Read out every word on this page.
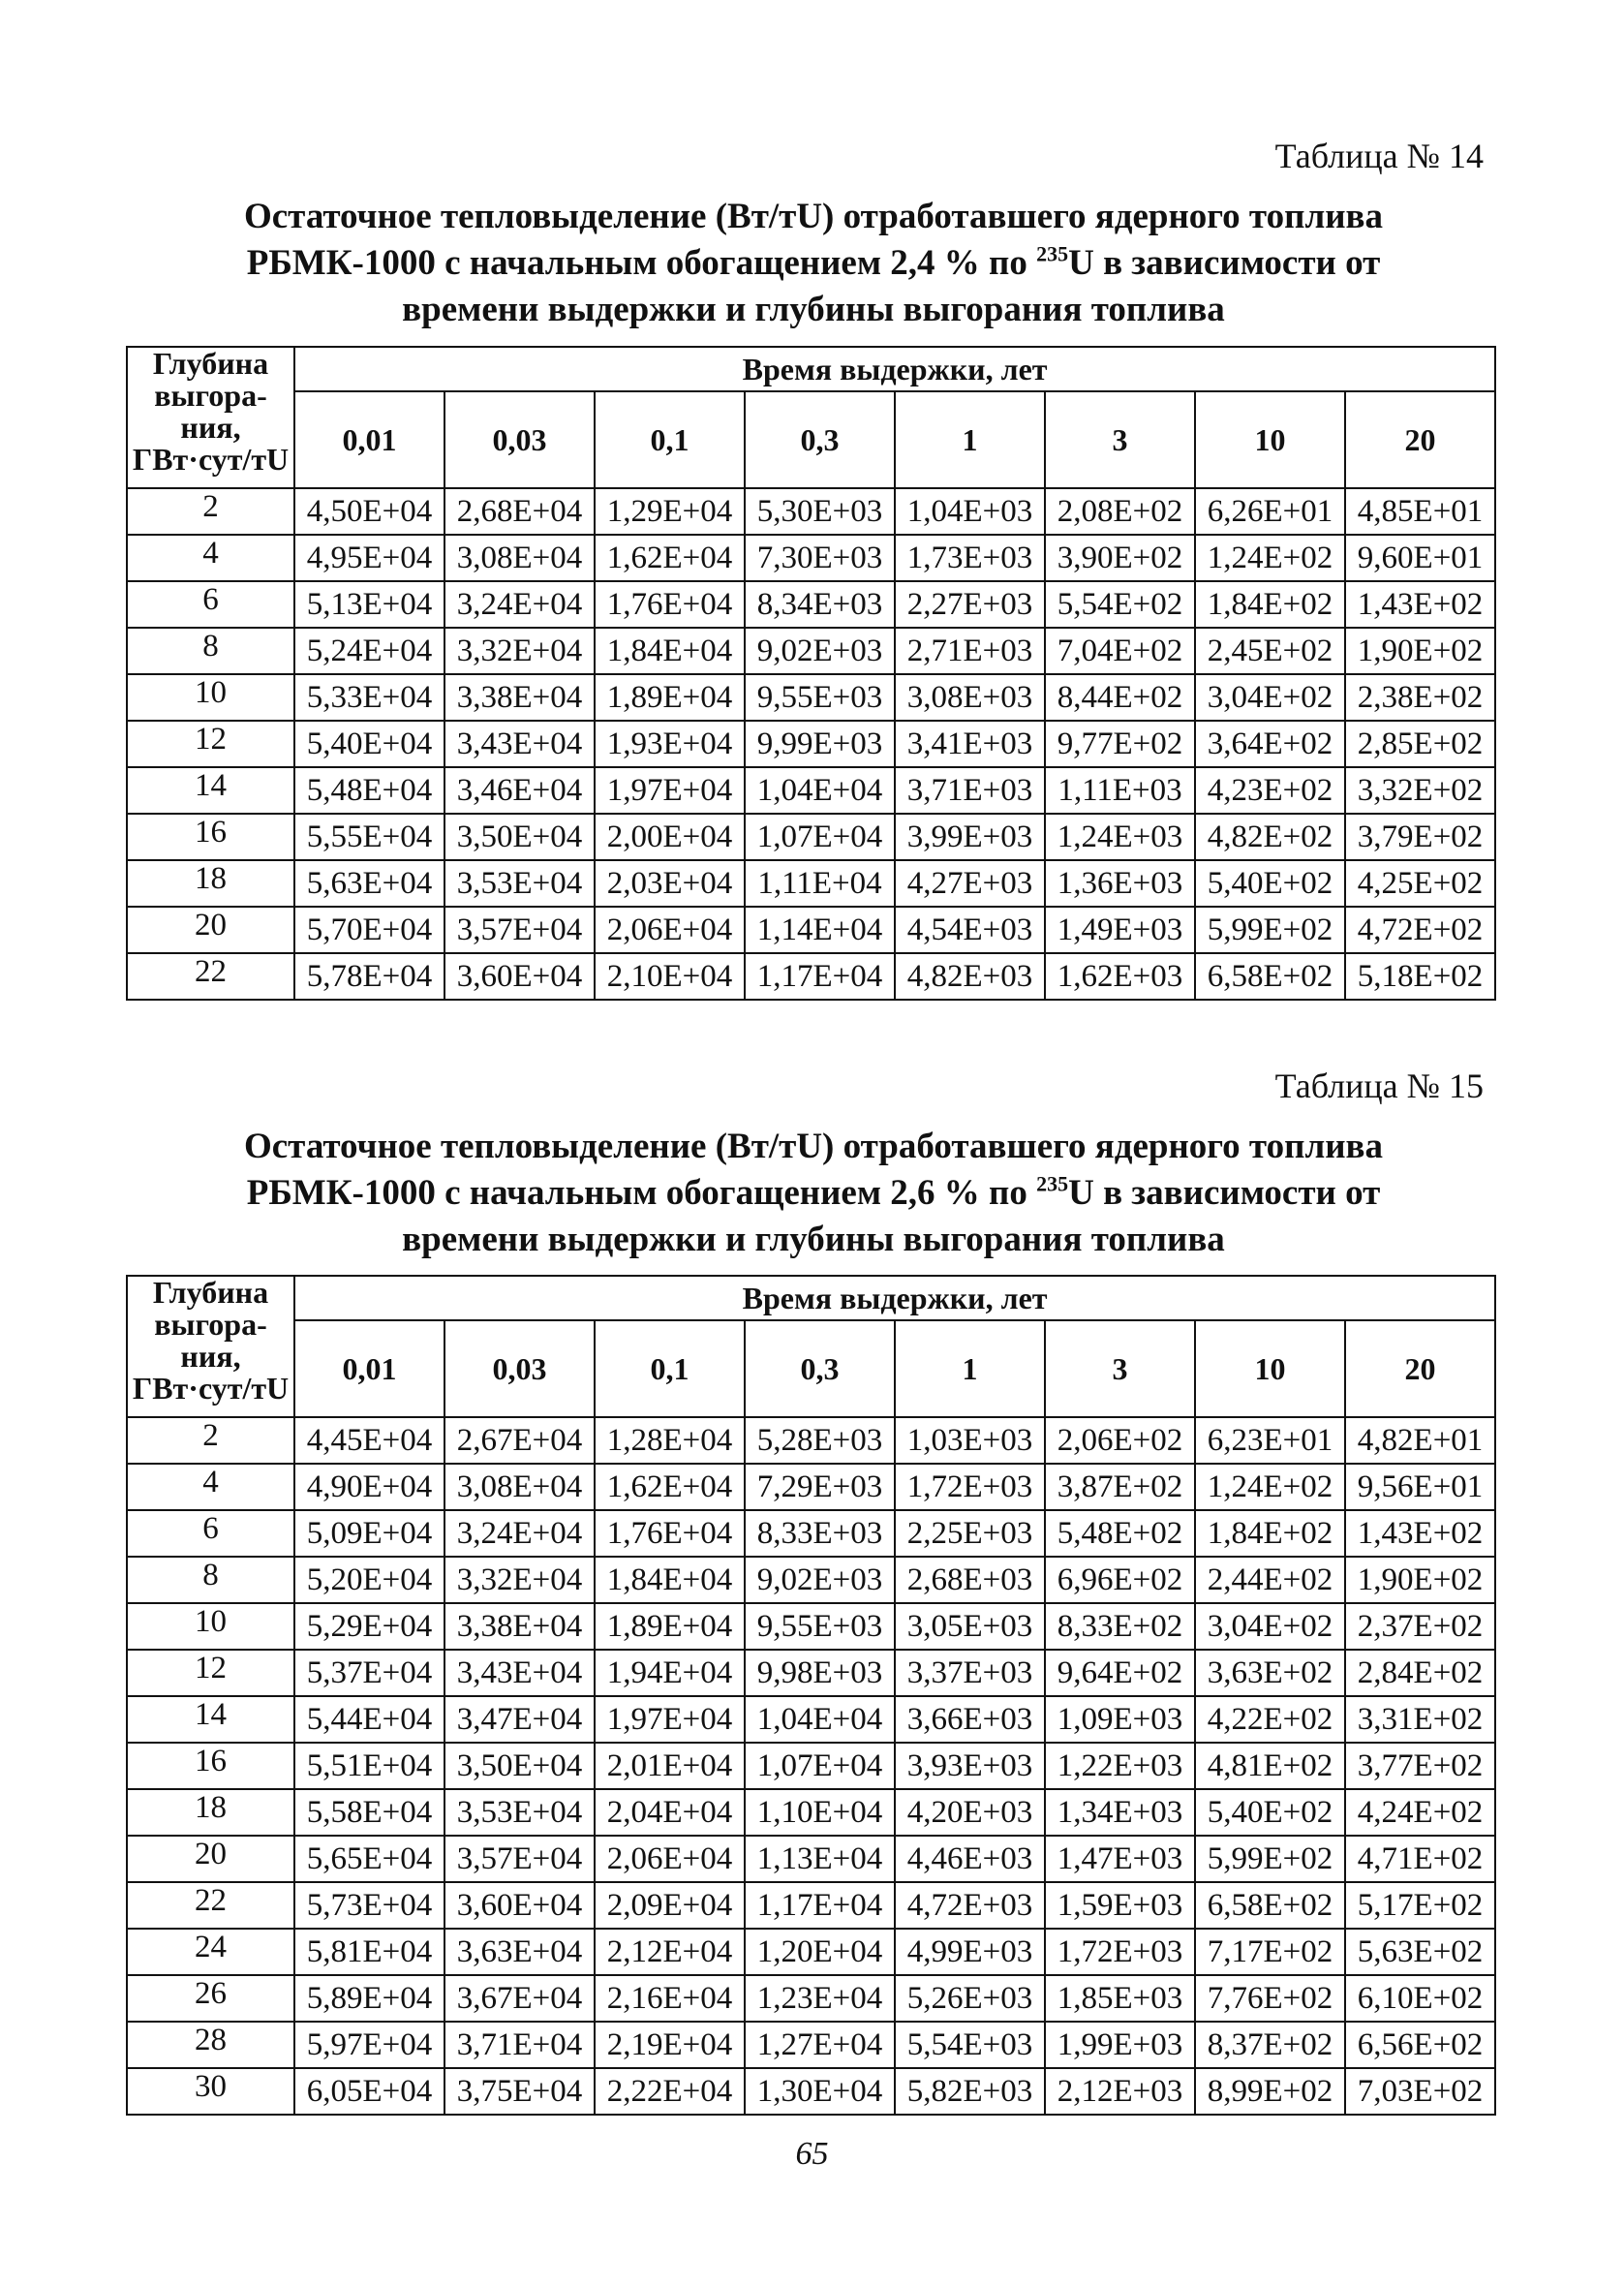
Таблица № 14
Остаточное тепловыделение (Вт/тU) отработавшего ядерного топлива
РБМК-1000 с начальным обогащением 2,4 % по $^{235}$U в зависимости от
времени выдержки и глубины выгорания топлива
Глубина
выгора-
ния,
ГВт·сут/тU	Время выдержки, лет							
	0,01	0,03	0,1	0,3	1	3	10	20
2	4,50E+04	2,68E+04	1,29E+04	5,30E+03	1,04E+03	2,08E+02	6,26E+01	4,85E+01
4	4,95E+04	3,08E+04	1,62E+04	7,30E+03	1,73E+03	3,90E+02	1,24E+02	9,60E+01
6	5,13E+04	3,24E+04	1,76E+04	8,34E+03	2,27E+03	5,54E+02	1,84E+02	1,43E+02
8	5,24E+04	3,32E+04	1,84E+04	9,02E+03	2,71E+03	7,04E+02	2,45E+02	1,90E+02
10	5,33E+04	3,38E+04	1,89E+04	9,55E+03	3,08E+03	8,44E+02	3,04E+02	2,38E+02
12	5,40E+04	3,43E+04	1,93E+04	9,99E+03	3,41E+03	9,77E+02	3,64E+02	2,85E+02
14	5,48E+04	3,46E+04	1,97E+04	1,04E+04	3,71E+03	1,11E+03	4,23E+02	3,32E+02
16	5,55E+04	3,50E+04	2,00E+04	1,07E+04	3,99E+03	1,24E+03	4,82E+02	3,79E+02
18	5,63E+04	3,53E+04	2,03E+04	1,11E+04	4,27E+03	1,36E+03	5,40E+02	4,25E+02
20	5,70E+04	3,57E+04	2,06E+04	1,14E+04	4,54E+03	1,49E+03	5,99E+02	4,72E+02
22	5,78E+04	3,60E+04	2,10E+04	1,17E+04	4,82E+03	1,62E+03	6,58E+02	5,18E+02
Таблица № 15
Остаточное тепловыделение (Вт/тU) отработавшего ядерного топлива
РБМК-1000 с начальным обогащением 2,6 % по $^{235}$U в зависимости от
времени выдержки и глубины выгорания топлива
Глубина
выгора-
ния,
ГВт·сут/тU	Время выдержки, лет							
	0,01	0,03	0,1	0,3	1	3	10	20
2	4,45E+04	2,67E+04	1,28E+04	5,28E+03	1,03E+03	2,06E+02	6,23E+01	4,82E+01
4	4,90E+04	3,08E+04	1,62E+04	7,29E+03	1,72E+03	3,87E+02	1,24E+02	9,56E+01
6	5,09E+04	3,24E+04	1,76E+04	8,33E+03	2,25E+03	5,48E+02	1,84E+02	1,43E+02
8	5,20E+04	3,32E+04	1,84E+04	9,02E+03	2,68E+03	6,96E+02	2,44E+02	1,90E+02
10	5,29E+04	3,38E+04	1,89E+04	9,55E+03	3,05E+03	8,33E+02	3,04E+02	2,37E+02
12	5,37E+04	3,43E+04	1,94E+04	9,98E+03	3,37E+03	9,64E+02	3,63E+02	2,84E+02
14	5,44E+04	3,47E+04	1,97E+04	1,04E+04	3,66E+03	1,09E+03	4,22E+02	3,31E+02
16	5,51E+04	3,50E+04	2,01E+04	1,07E+04	3,93E+03	1,22E+03	4,81E+02	3,77E+02
18	5,58E+04	3,53E+04	2,04E+04	1,10E+04	4,20E+03	1,34E+03	5,40E+02	4,24E+02
20	5,65E+04	3,57E+04	2,06E+04	1,13E+04	4,46E+03	1,47E+03	5,99E+02	4,71E+02
22	5,73E+04	3,60E+04	2,09E+04	1,17E+04	4,72E+03	1,59E+03	6,58E+02	5,17E+02
24	5,81E+04	3,63E+04	2,12E+04	1,20E+04	4,99E+03	1,72E+03	7,17E+02	5,63E+02
26	5,89E+04	3,67E+04	2,16E+04	1,23E+04	5,26E+03	1,85E+03	7,76E+02	6,10E+02
28	5,97E+04	3,71E+04	2,19E+04	1,27E+04	5,54E+03	1,99E+03	8,37E+02	6,56E+02
30	6,05E+04	3,75E+04	2,22E+04	1,30E+04	5,82E+03	2,12E+03	8,99E+02	7,03E+02
65
